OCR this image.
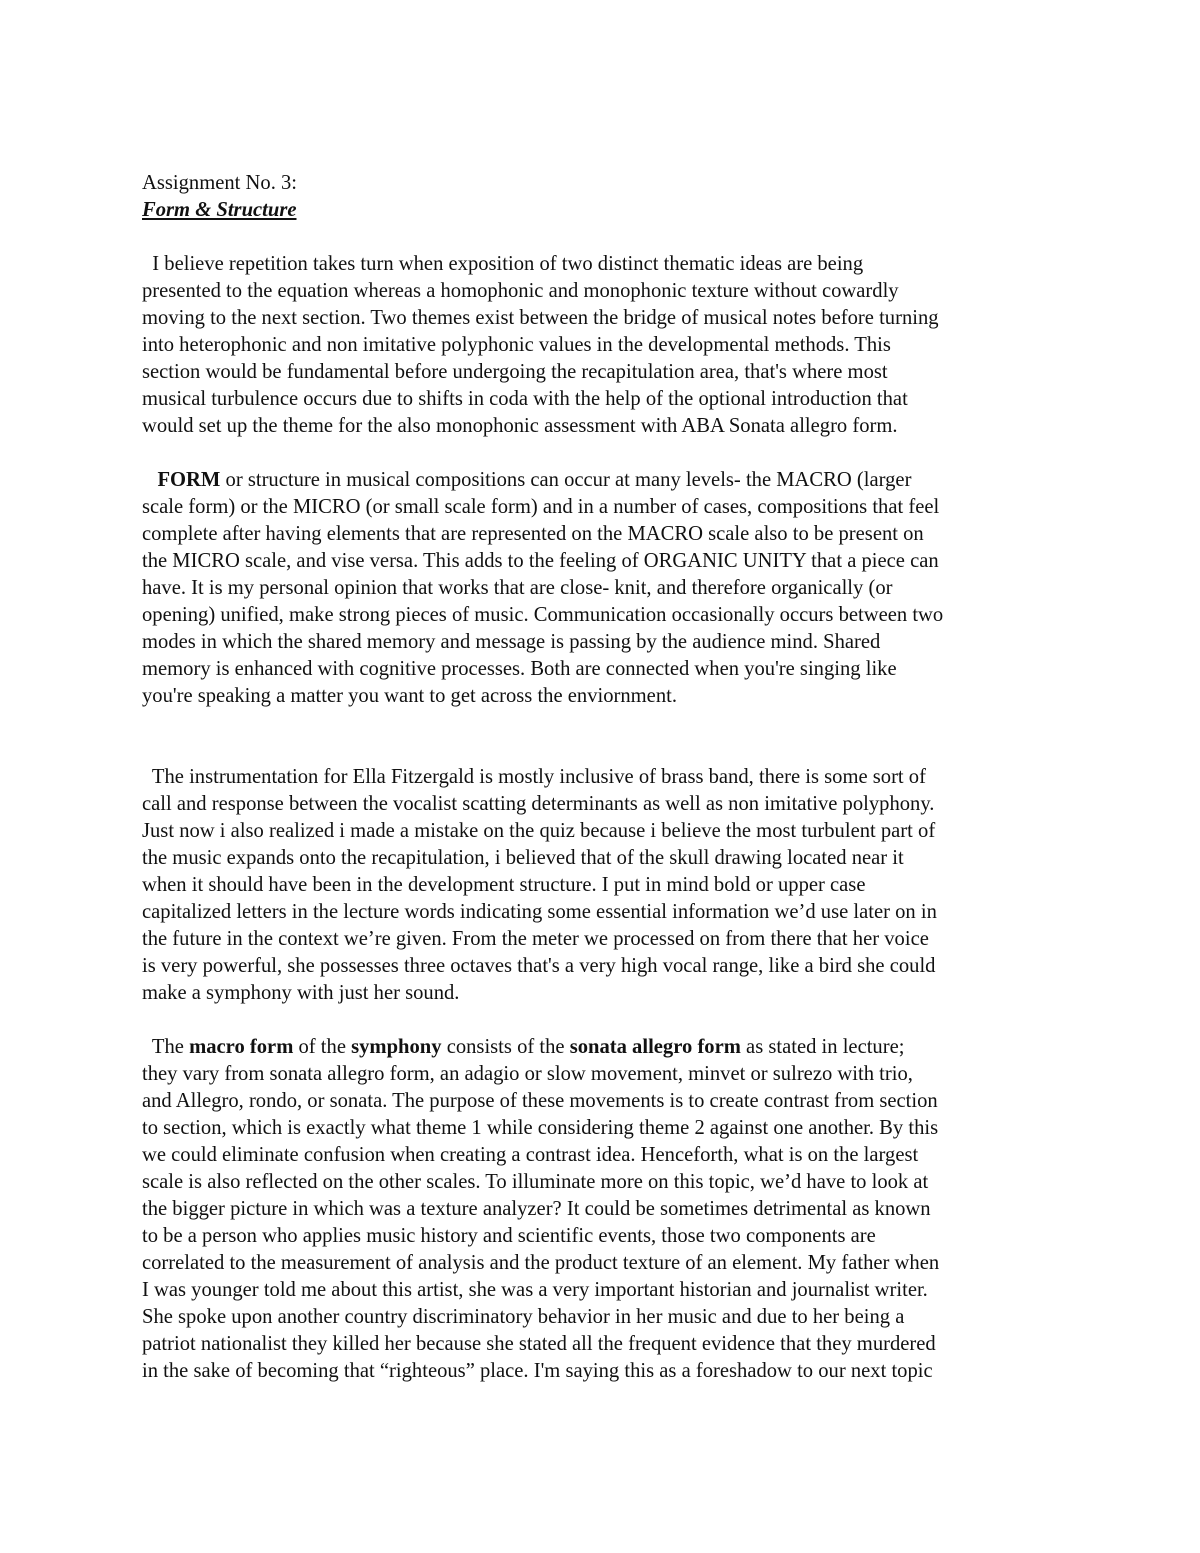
Assignment No. 3:
Form & Structure

I believe repetition takes turn when exposition of two distinct thematic ideas are being
presented to the equation whereas a homophonic and monophonic texture without cowardly
moving to the next section. Two themes exist between the bridge of musical notes before turning
into heterophonic and non imitative polyphonic values in the developmental methods. This
section would be fundamental before undergoing the recapitulation area, that's where most
musical turbulence occurs due to shifts in coda with the help of the optional introduction that
would set up the theme for the also monophonic assessment with ABA Sonata allegro form.

FORM or structure in musical compositions can occur at many levels- the MACRO (larger
scale form) or the MICRO (or small scale form) and in a number of cases, compositions that feel
complete after having elements that are represented on the MACRO scale also to be present on
the MICRO scale, and vise versa. This adds to the feeling of ORGANIC UNITY that a piece can
have. It is my personal opinion that works that are close- knit, and therefore organically (or
opening) unified, make strong pieces of music. Communication occasionally occurs between two
modes in which the shared memory and message is passing by the audience mind. Shared
memory is enhanced with cognitive processes. Both are connected when you're singing like
you're speaking a matter you want to get across the enviornment.

The instrumentation for Ella Fitzergald is mostly inclusive of brass band, there is some sort of
call and response between the vocalist scatting determinants as well as non imitative polyphony.
Just now i also realized i made a mistake on the quiz because i believe the most turbulent part of
the music expands onto the recapitulation, i believed that of the skull drawing located near it
when it should have been in the development structure. I put in mind bold or upper case
capitalized letters in the lecture words indicating some essential information we’d use later on in
the future in the context we’re given. From the meter we processed on from there that her voice
is very powerful, she possesses three octaves that's a very high vocal range, like a bird she could
make a symphony with just her sound.

The macro form of the symphony consists of the sonata allegro form as stated in lecture;
they vary from sonata allegro form, an adagio or slow movement, minvet or sulrezo with trio,
and Allegro, rondo, or sonata. The purpose of these movements is to create contrast from section
to section, which is exactly what theme 1 while considering theme 2 against one another. By this
we could eliminate confusion when creating a contrast idea. Henceforth, what is on the largest
scale is also reflected on the other scales. To illuminate more on this topic, we’d have to look at
the bigger picture in which was a texture analyzer? It could be sometimes detrimental as known
to be a person who applies music history and scientific events, those two components are
correlated to the measurement of analysis and the product texture of an element. My father when
I was younger told me about this artist, she was a very important historian and journalist writer.
She spoke upon another country discriminatory behavior in her music and due to her being a
patriot nationalist they killed her because she stated all the frequent evidence that they murdered
in the sake of becoming that “righteous” place. I'm saying this as a foreshadow to our next topic
